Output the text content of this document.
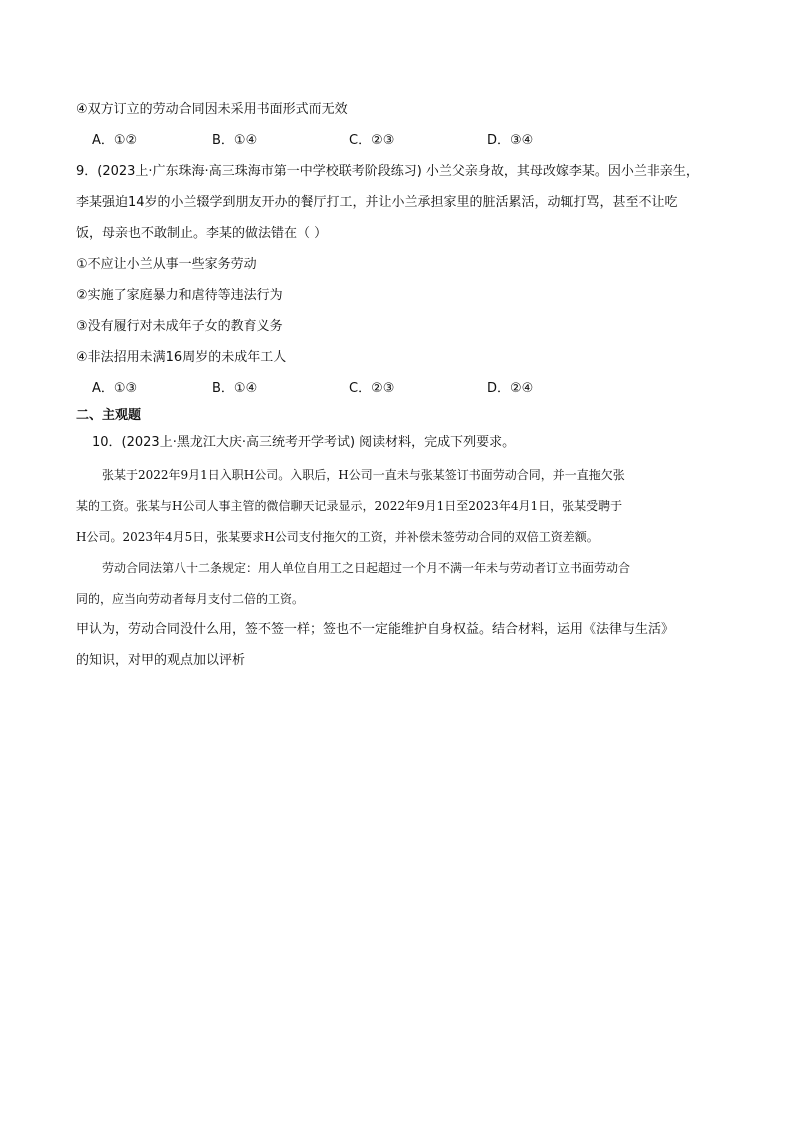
④双方订立的劳动合同因未采用书面形式而无效
A．①②	B．①④	C．②③	D．③④
9．(2023上·广东珠海·高三珠海市第一中学校联考阶段练习) 小兰父亲身故，其母改嫁李某。因小兰非亲生，
李某强迫14岁的小兰辍学到朋友开办的餐厅打工，并让小兰承担家里的脏活累活，动辄打骂，甚至不让吃
饭，母亲也不敢制止。李某的做法错在（ ）
①不应让小兰从事一些家务劳动
②实施了家庭暴力和虐待等违法行为
③没有履行对未成年子女的教育义务
④非法招用未满16周岁的未成年工人
A．①③	B．①④	C．②③	D．②④
二、主观题
10．(2023上·黑龙江大庆·高三统考开学考试) 阅读材料，完成下列要求。
张某于2022年9月1日入职H公司。入职后，H公司一直未与张某签订书面劳动合同，并一直拖欠张
某的工资。张某与H公司人事主管的微信聊天记录显示，2022年9月1日至2023年4月1日，张某受聘于
H公司。2023年4月5日，张某要求H公司支付拖欠的工资，并补偿未签劳动合同的双倍工资差额。
劳动合同法第八十二条规定：用人单位自用工之日起超过一个月不满一年未与劳动者订立书面劳动合
同的，应当向劳动者每月支付二倍的工资。
甲认为，劳动合同没什么用，签不签一样；签也不一定能维护自身权益。结合材料，运用《法律与生活》
的知识，对甲的观点加以评析
